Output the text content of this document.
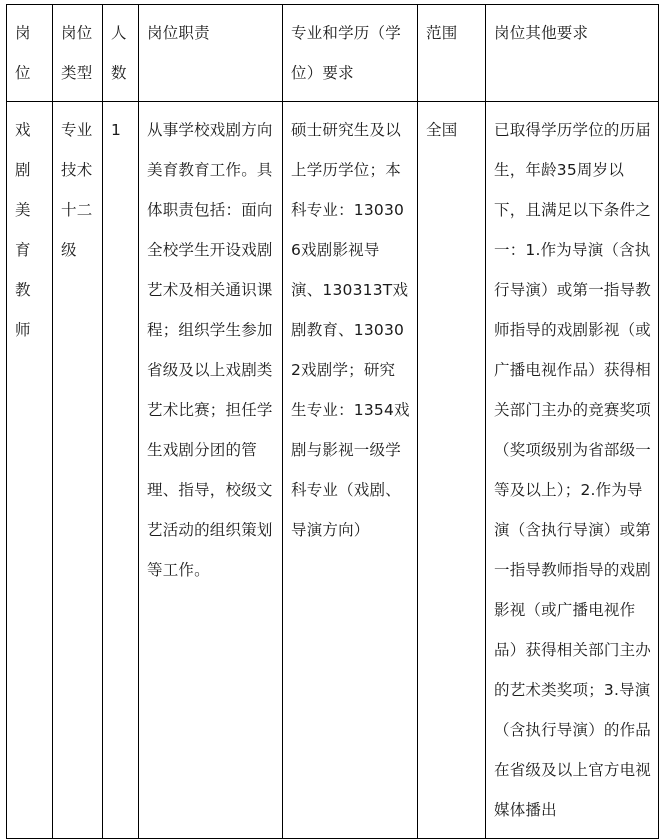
岗位	岗位类型	人数	岗位职责	专业和学历（学位）要求	范围	岗位其他要求

戏剧美育教师	专业技术十二级	1	从事学校戏剧方向美育教育工作。具体职责包括：面向全校学生开设戏剧艺术及相关通识课程；组织学生参加省级及以上戏剧类艺术比赛；担任学生戏剧分团的管理、指导，校级文艺活动的组织策划等工作。	硕士研究生及以上学历学位；本科专业：130306戏剧影视导演、130313T戏剧教育、130302戏剧学；研究生专业：1354戏剧与影视一级学科专业（戏剧、导演方向）	全国	已取得学历学位的历届生，年龄35周岁以下，且满足以下条件之一：1.作为导演（含执行导演）或第一指导教师指导的戏剧影视（或广播电视作品）获得相关部门主办的竞赛奖项（奖项级别为省部级一等及以上）；2.作为导演（含执行导演）或第一指导教师指导的戏剧影视（或广播电视作品）获得相关部门主办的艺术类奖项；3.导演（含执行导演）的作品在省级及以上官方电视媒体播出
